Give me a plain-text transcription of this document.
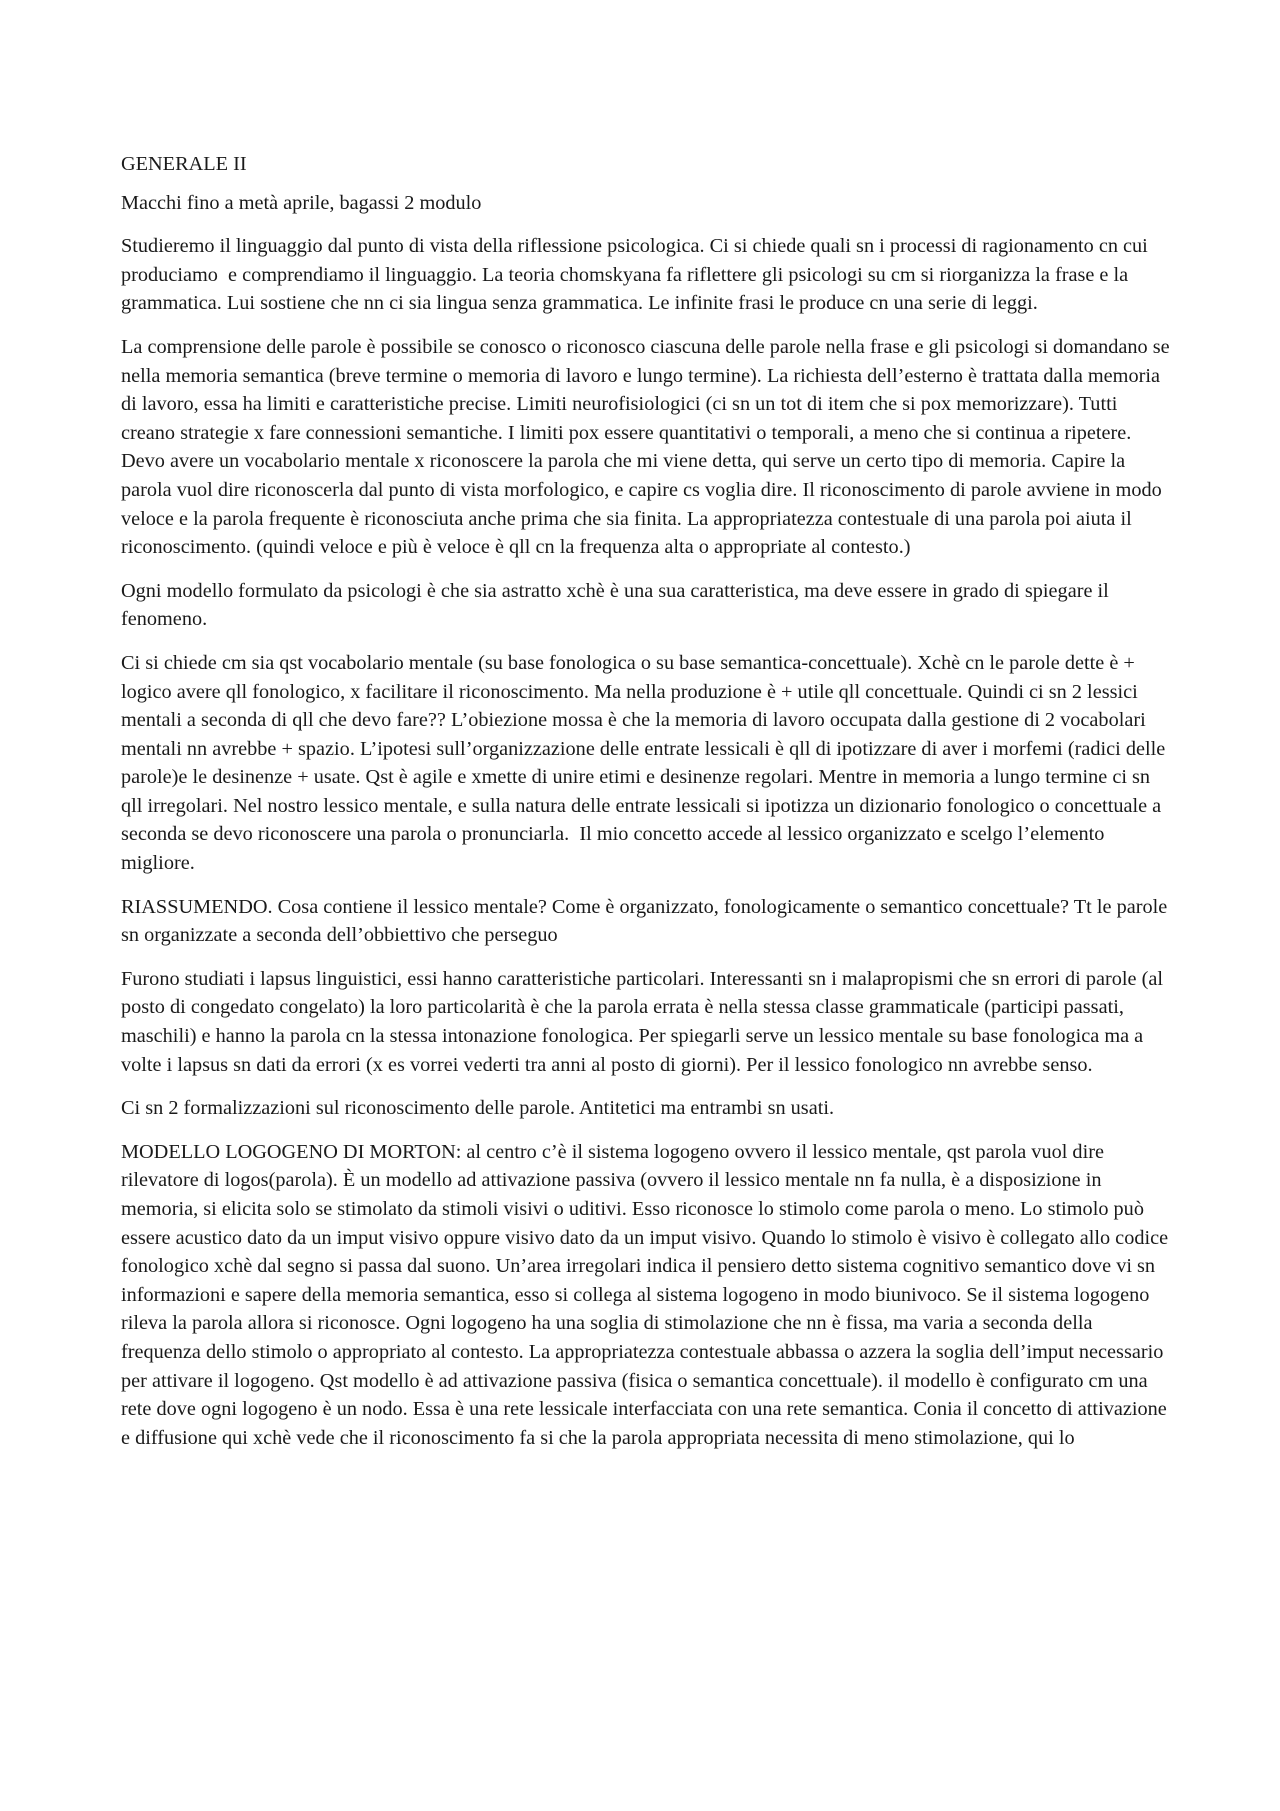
GENERALE II

Macchi fino a metà aprile, bagassi 2 modulo

Studieremo il linguaggio dal punto di vista della riflessione psicologica. Ci si chiede quali sn i processi di ragionamento cn cui produciamo  e comprendiamo il linguaggio. La teoria chomskyana fa riflettere gli psicologi su cm si riorganizza la frase e la grammatica. Lui sostiene che nn ci sia lingua senza grammatica. Le infinite frasi le produce cn una serie di leggi.

La comprensione delle parole è possibile se conosco o riconosco ciascuna delle parole nella frase e gli psicologi si domandano se nella memoria semantica (breve termine o memoria di lavoro e lungo termine). La richiesta dell’esterno è trattata dalla memoria di lavoro, essa ha limiti e caratteristiche precise. Limiti neurofisiologici (ci sn un tot di item che si pox memorizzare). Tutti creano strategie x fare connessioni semantiche. I limiti pox essere quantitativi o temporali, a meno che si continua a ripetere. Devo avere un vocabolario mentale x riconoscere la parola che mi viene detta, qui serve un certo tipo di memoria. Capire la parola vuol dire riconoscerla dal punto di vista morfologico, e capire cs voglia dire. Il riconoscimento di parole avviene in modo veloce e la parola frequente è riconosciuta anche prima che sia finita. La appropriatezza contestuale di una parola poi aiuta il riconoscimento. (quindi veloce e più è veloce è qll cn la frequenza alta o appropriate al contesto.)

Ogni modello formulato da psicologi è che sia astratto xchè è una sua caratteristica, ma deve essere in grado di spiegare il fenomeno.

Ci si chiede cm sia qst vocabolario mentale (su base fonologica o su base semantica-concettuale). Xchè cn le parole dette è + logico avere qll fonologico, x facilitare il riconoscimento. Ma nella produzione è + utile qll concettuale. Quindi ci sn 2 lessici mentali a seconda di qll che devo fare?? L’obiezione mossa è che la memoria di lavoro occupata dalla gestione di 2 vocabolari mentali nn avrebbe + spazio. L’ipotesi sull’organizzazione delle entrate lessicali è qll di ipotizzare di aver i morfemi (radici delle parole)e le desinenze + usate. Qst è agile e xmette di unire etimi e desinenze regolari. Mentre in memoria a lungo termine ci sn qll irregolari. Nel nostro lessico mentale, e sulla natura delle entrate lessicali si ipotizza un dizionario fonologico o concettuale a seconda se devo riconoscere una parola o pronunciarla.  Il mio concetto accede al lessico organizzato e scelgo l’elemento migliore.

RIASSUMENDO. Cosa contiene il lessico mentale? Come è organizzato, fonologicamente o semantico concettuale? Tt le parole sn organizzate a seconda dell’obbiettivo che perseguo

Furono studiati i lapsus linguistici, essi hanno caratteristiche particolari. Interessanti sn i malapropismi che sn errori di parole (al posto di congedato congelato) la loro particolarità è che la parola errata è nella stessa classe grammaticale (participi passati, maschili) e hanno la parola cn la stessa intonazione fonologica. Per spiegarli serve un lessico mentale su base fonologica ma a volte i lapsus sn dati da errori (x es vorrei vederti tra anni al posto di giorni). Per il lessico fonologico nn avrebbe senso.

Ci sn 2 formalizzazioni sul riconoscimento delle parole. Antitetici ma entrambi sn usati.

MODELLO LOGOGENO DI MORTON: al centro c’è il sistema logogeno ovvero il lessico mentale, qst parola vuol dire rilevatore di logos(parola). È un modello ad attivazione passiva (ovvero il lessico mentale nn fa nulla, è a disposizione in memoria, si elicita solo se stimolato da stimoli visivi o uditivi. Esso riconosce lo stimolo come parola o meno. Lo stimolo può essere acustico dato da un imput visivo oppure visivo dato da un imput visivo. Quando lo stimolo è visivo è collegato allo codice fonologico xchè dal segno si passa dal suono. Un’area irregolari indica il pensiero detto sistema cognitivo semantico dove vi sn informazioni e sapere della memoria semantica, esso si collega al sistema logogeno in modo biunivoco. Se il sistema logogeno rileva la parola allora si riconosce. Ogni logogeno ha una soglia di stimolazione che nn è fissa, ma varia a seconda della frequenza dello stimolo o appropriato al contesto. La appropriatezza contestuale abbassa o azzera la soglia dell’imput necessario per attivare il logogeno. Qst modello è ad attivazione passiva (fisica o semantica concettuale). il modello è configurato cm una rete dove ogni logogeno è un nodo. Essa è una rete lessicale interfacciata con una rete semantica. Conia il concetto di attivazione e diffusione qui xchè vede che il riconoscimento fa si che la parola appropriata necessita di meno stimolazione, qui lo
